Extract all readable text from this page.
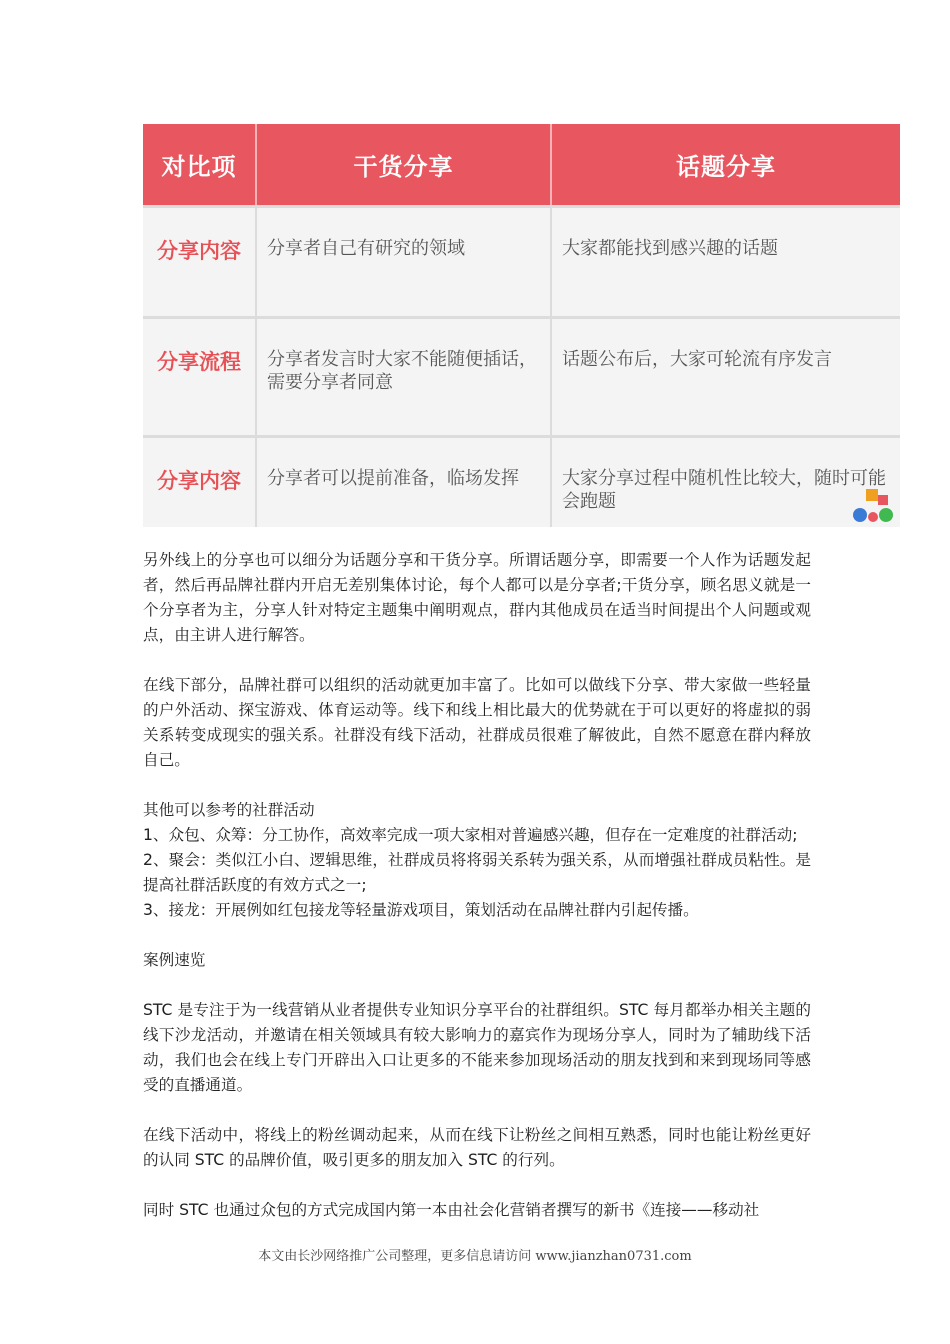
对比项	干货分享	话题分享
分享内容	分享者自己有研究的领域	大家都能找到感兴趣的话题
分享流程	分享者发言时大家不能随便插话，需要分享者同意	话题公布后，大家可轮流有序发言
分享内容	分享者可以提前准备，临场发挥	大家分享过程中随机性比较大，随时可能会跑题

另外线上的分享也可以细分为话题分享和干货分享。所谓话题分享，即需要一个人作为话题发起者，然后再品牌社群内开启无差别集体讨论，每个人都可以是分享者;干货分享，顾名思义就是一个分享者为主，分享人针对特定主题集中阐明观点，群内其他成员在适当时间提出个人问题或观点，由主讲人进行解答。

在线下部分，品牌社群可以组织的活动就更加丰富了。比如可以做线下分享、带大家做一些轻量的户外活动、探宝游戏、体育运动等。线下和线上相比最大的优势就在于可以更好的将虚拟的弱关系转变成现实的强关系。社群没有线下活动，社群成员很难了解彼此，自然不愿意在群内释放自己。

其他可以参考的社群活动

1、众包、众筹：分工协作，高效率完成一项大家相对普遍感兴趣，但存在一定难度的社群活动;

2、聚会：类似江小白、逻辑思维，社群成员将将弱关系转为强关系，从而增强社群成员粘性。是提高社群活跃度的有效方式之一;

3、接龙：开展例如红包接龙等轻量游戏项目，策划活动在品牌社群内引起传播。

案例速览

STC 是专注于为一线营销从业者提供专业知识分享平台的社群组织。STC 每月都举办相关主题的线下沙龙活动，并邀请在相关领域具有较大影响力的嘉宾作为现场分享人，同时为了辅助线下活动，我们也会在线上专门开辟出入口让更多的不能来参加现场活动的朋友找到和来到现场同等感受的直播通道。

在线下活动中，将线上的粉丝调动起来，从而在线下让粉丝之间相互熟悉，同时也能让粉丝更好的认同 STC 的品牌价值，吸引更多的朋友加入 STC 的行列。

同时 STC 也通过众包的方式完成国内第一本由社会化营销者撰写的新书《连接——移动社

本文由长沙网络推广公司整理，更多信息请访问 www.jianzhan0731.com
